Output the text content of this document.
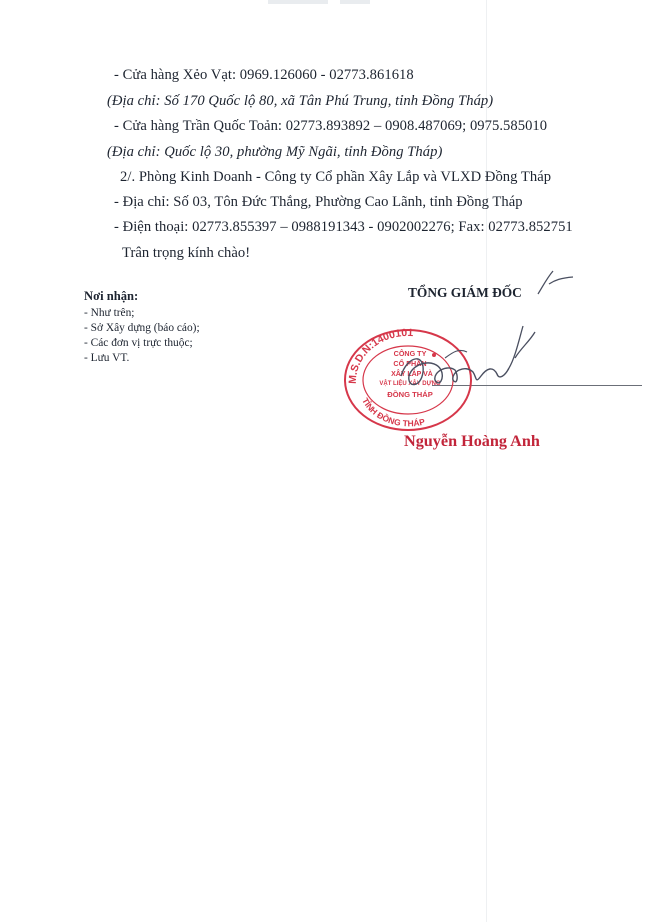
- Cửa hàng Xẻo Vạt: 0969.126060 - 02773.861618
(Địa chỉ: Số 170 Quốc lộ 80, xã Tân Phú Trung, tỉnh Đồng Tháp)
- Cửa hàng Trần Quốc Toản: 02773.893892 – 0908.487069; 0975.585010
(Địa chỉ: Quốc lộ 30, phường Mỹ Ngãi, tỉnh Đồng Tháp)
2/. Phòng Kinh Doanh - Công ty Cổ phần Xây Lắp và VLXD Đồng Tháp
- Địa chỉ: Số 03, Tôn Đức Thắng, Phường Cao Lãnh, tỉnh Đồng Tháp
- Điện thoại: 02773.855397 – 0988191343 - 0902002276; Fax: 02773.852751
Trân trọng kính chào!
Nơi nhận:
- Như trên;
- Sở Xây dựng (báo cáo);
- Các đơn vị trực thuộc;
- Lưu VT.
TỔNG GIÁM ĐỐC
M.S.D.N:1400101
TỈNH ĐỒNG THÁP
CÔNG TY
CỔ PHẦN
XÂY LẮP VÀ
VẬT LIỆU XÂY DỰNG
ĐỒNG THÁP
Nguyễn Hoàng Anh
